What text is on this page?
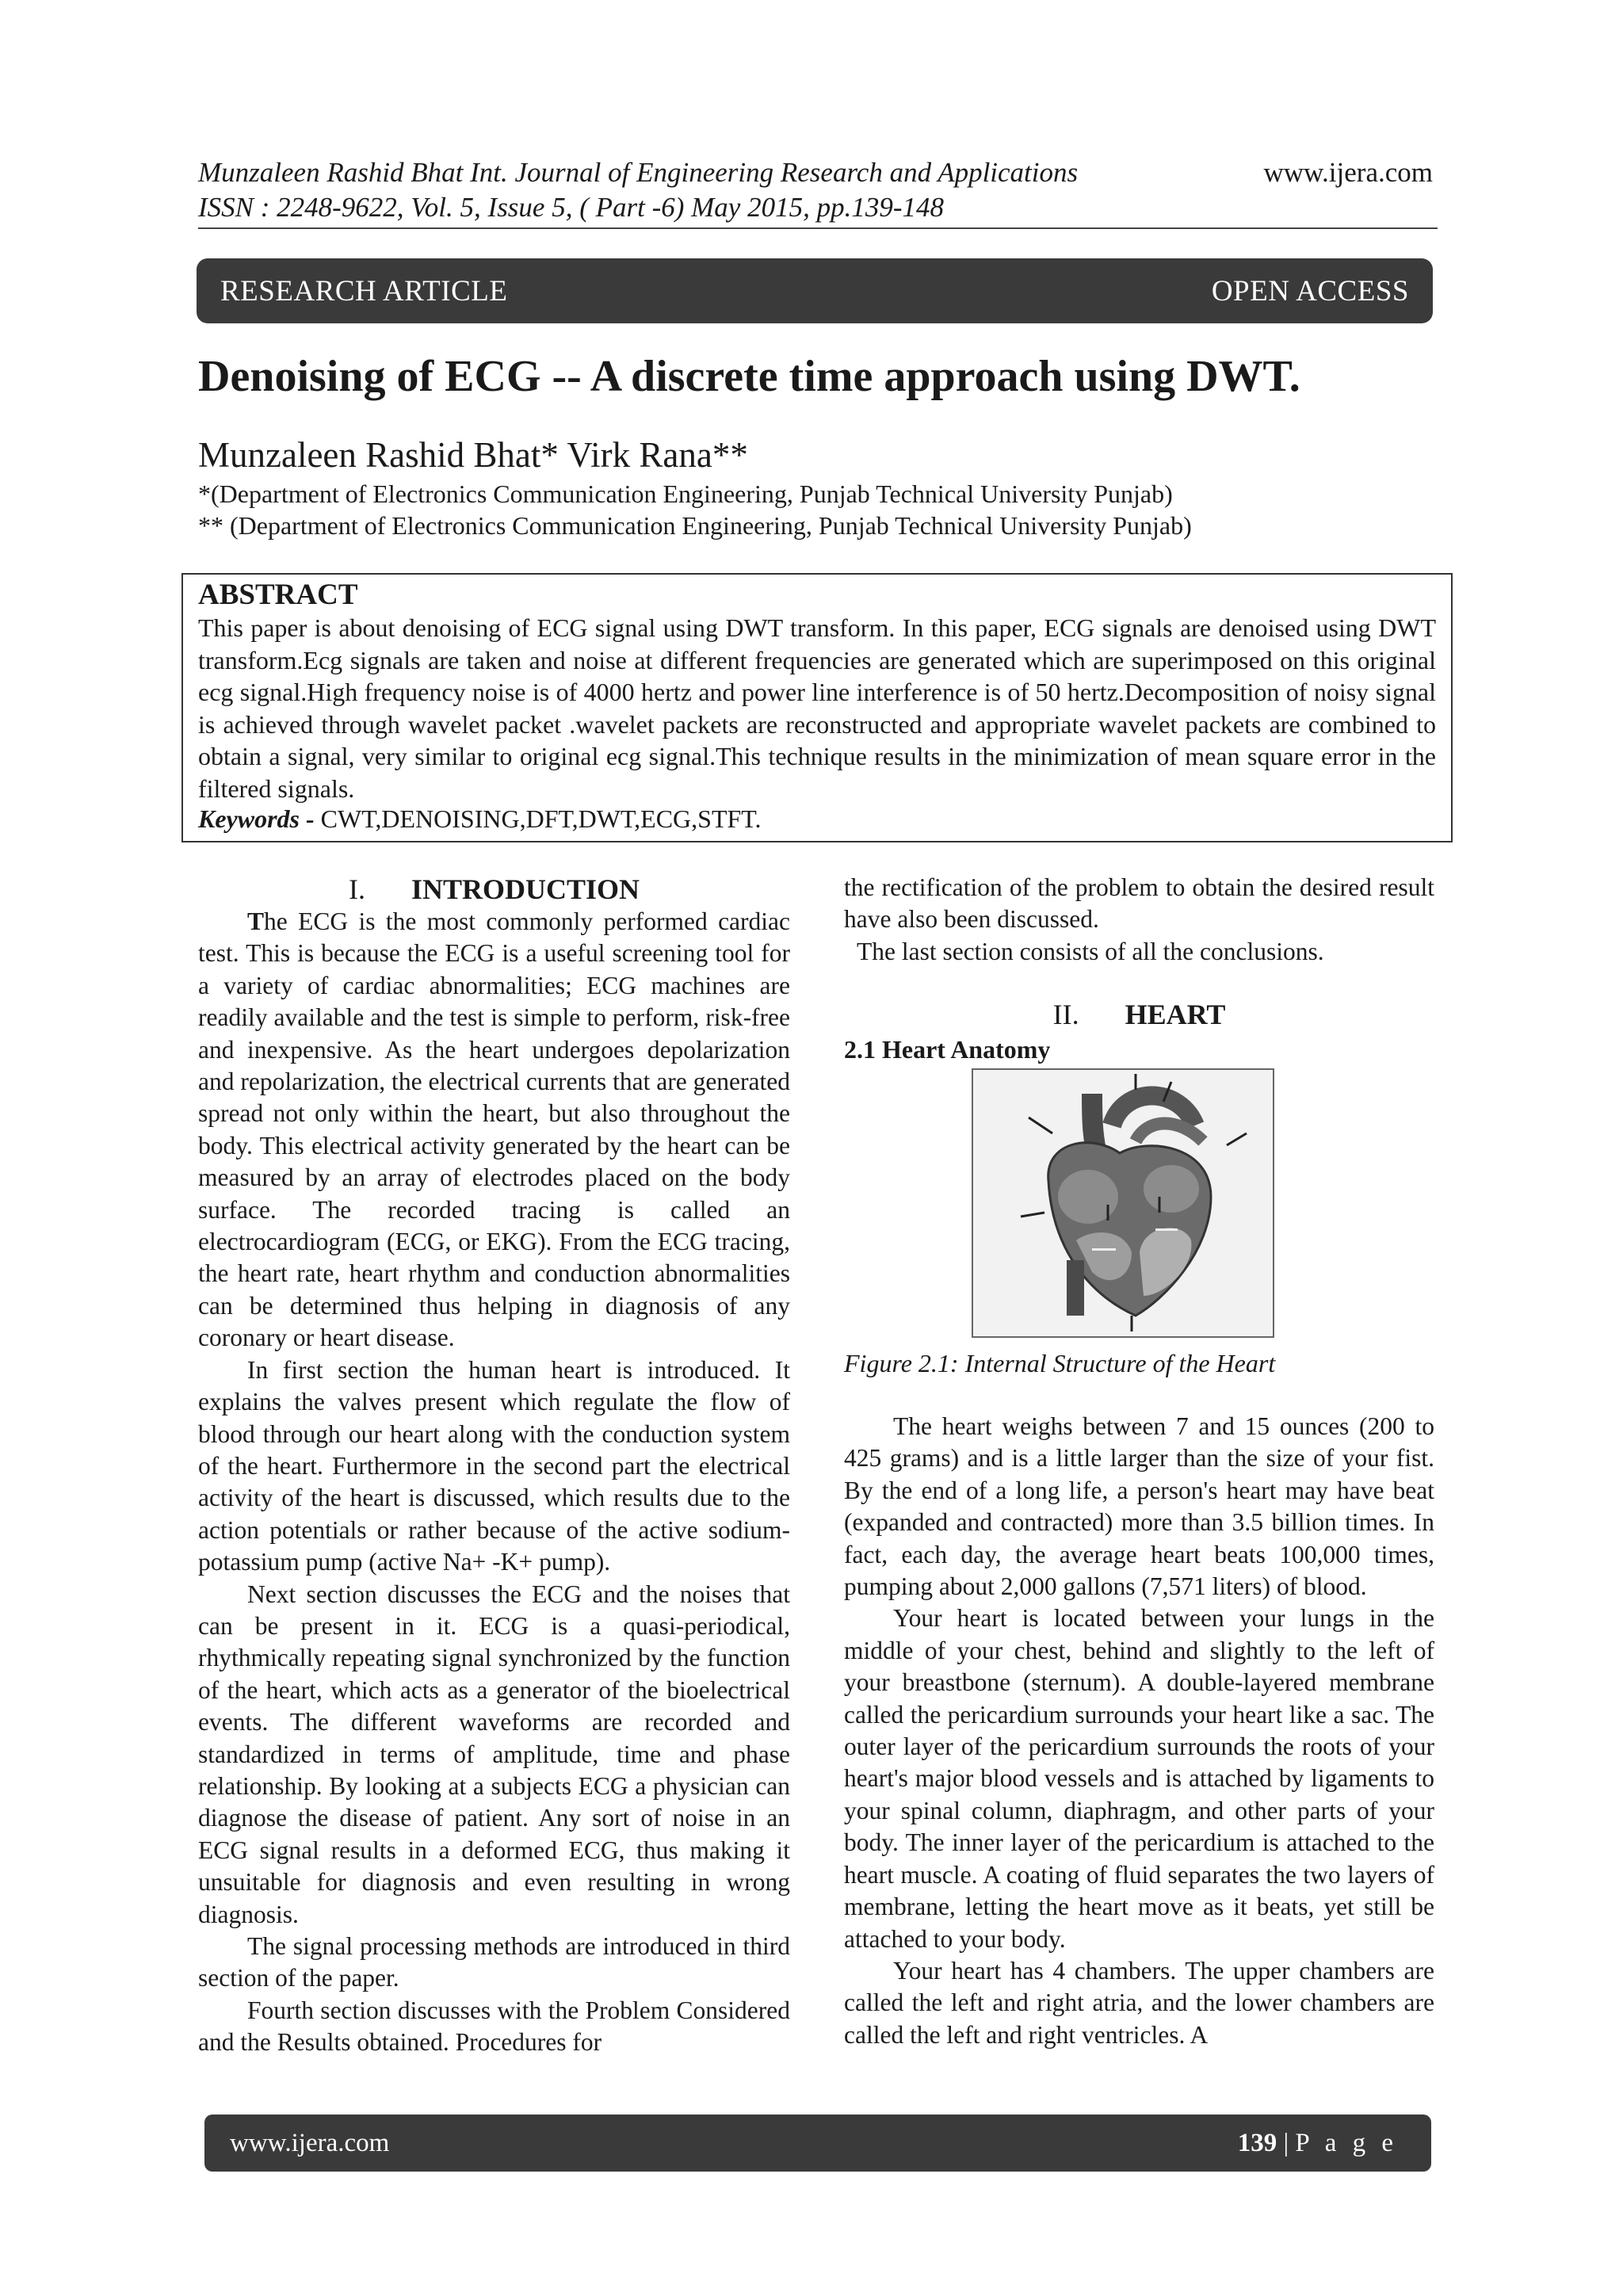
Munzaleen Rashid Bhat Int. Journal of Engineering Research and Applications
ISSN : 2248-9622, Vol. 5, Issue 5, ( Part -6) May 2015, pp.139-148
www.ijera.com
RESEARCH ARTICLE	OPEN ACCESS
Denoising of ECG -- A discrete time approach using DWT.
Munzaleen Rashid Bhat* Virk Rana**
*(Department of Electronics Communication Engineering, Punjab Technical University Punjab)
** (Department of Electronics Communication Engineering, Punjab Technical University Punjab)
ABSTRACT
This paper is about denoising of ECG signal using DWT transform. In this paper, ECG signals are denoised using DWT transform.Ecg signals are taken and noise at different frequencies are generated which are superimposed on this original ecg signal.High frequency noise is of 4000 hertz and power line interference is of 50 hertz.Decomposition of noisy signal is achieved through wavelet packet .wavelet packets are reconstructed and appropriate wavelet packets are combined to obtain a signal, very similar to original ecg signal.This technique results in the minimization of mean square error in the filtered signals.
Keywords - CWT,DENOISING,DFT,DWT,ECG,STFT.
I. INTRODUCTION

The ECG is the most commonly performed cardiac test. This is because the ECG is a useful screening tool for a variety of cardiac abnormalities; ECG machines are readily available and the test is simple to perform, risk-free and inexpensive. As the heart undergoes depolarization and repolarization, the electrical currents that are generated spread not only within the heart, but also throughout the body. This electrical activity generated by the heart can be measured by an array of electrodes placed on the body surface. The recorded tracing is called an electrocardiogram (ECG, or EKG). From the ECG tracing, the heart rate, heart rhythm and conduction abnormalities can be determined thus helping in diagnosis of any coronary or heart disease.

In first section the human heart is introduced. It explains the valves present which regulate the flow of blood through our heart along with the conduction system of the heart. Furthermore in the second part the electrical activity of the heart is discussed, which results due to the action potentials or rather because of the active sodium-potassium pump (active Na+ -K+ pump).

Next section discusses the ECG and the noises that can be present in it. ECG is a quasi-periodical, rhythmically repeating signal synchronized by the function of the heart, which acts as a generator of the bioelectrical events. The different waveforms are recorded and standardized in terms of amplitude, time and phase relationship. By looking at a subjects ECG a physician can diagnose the disease of patient. Any sort of noise in an ECG signal results in a deformed ECG, thus making it unsuitable for diagnosis and even resulting in wrong diagnosis.

The signal processing methods are introduced in third section of the paper.

Fourth section discusses with the Problem Considered and the Results obtained. Procedures for

the rectification of the problem to obtain the desired result have also been discussed.

The last section consists of all the conclusions.

II. HEART
2.1 Heart Anatomy
Figure 2.1: Internal Structure of the Heart

The heart weighs between 7 and 15 ounces (200 to 425 grams) and is a little larger than the size of your fist. By the end of a long life, a person's heart may have beat (expanded and contracted) more than 3.5 billion times. In fact, each day, the average heart beats 100,000 times, pumping about 2,000 gallons (7,571 liters) of blood.

Your heart is located between your lungs in the middle of your chest, behind and slightly to the left of your breastbone (sternum). A double-layered membrane called the pericardium surrounds your heart like a sac. The outer layer of the pericardium surrounds the roots of your heart's major blood vessels and is attached by ligaments to your spinal column, diaphragm, and other parts of your body. The inner layer of the pericardium is attached to the heart muscle. A coating of fluid separates the two layers of membrane, letting the heart move as it beats, yet still be attached to your body.

Your heart has 4 chambers. The upper chambers are called the left and right atria, and the lower chambers are called the left and right ventricles. A

www.ijera.com	139 | P a g e
